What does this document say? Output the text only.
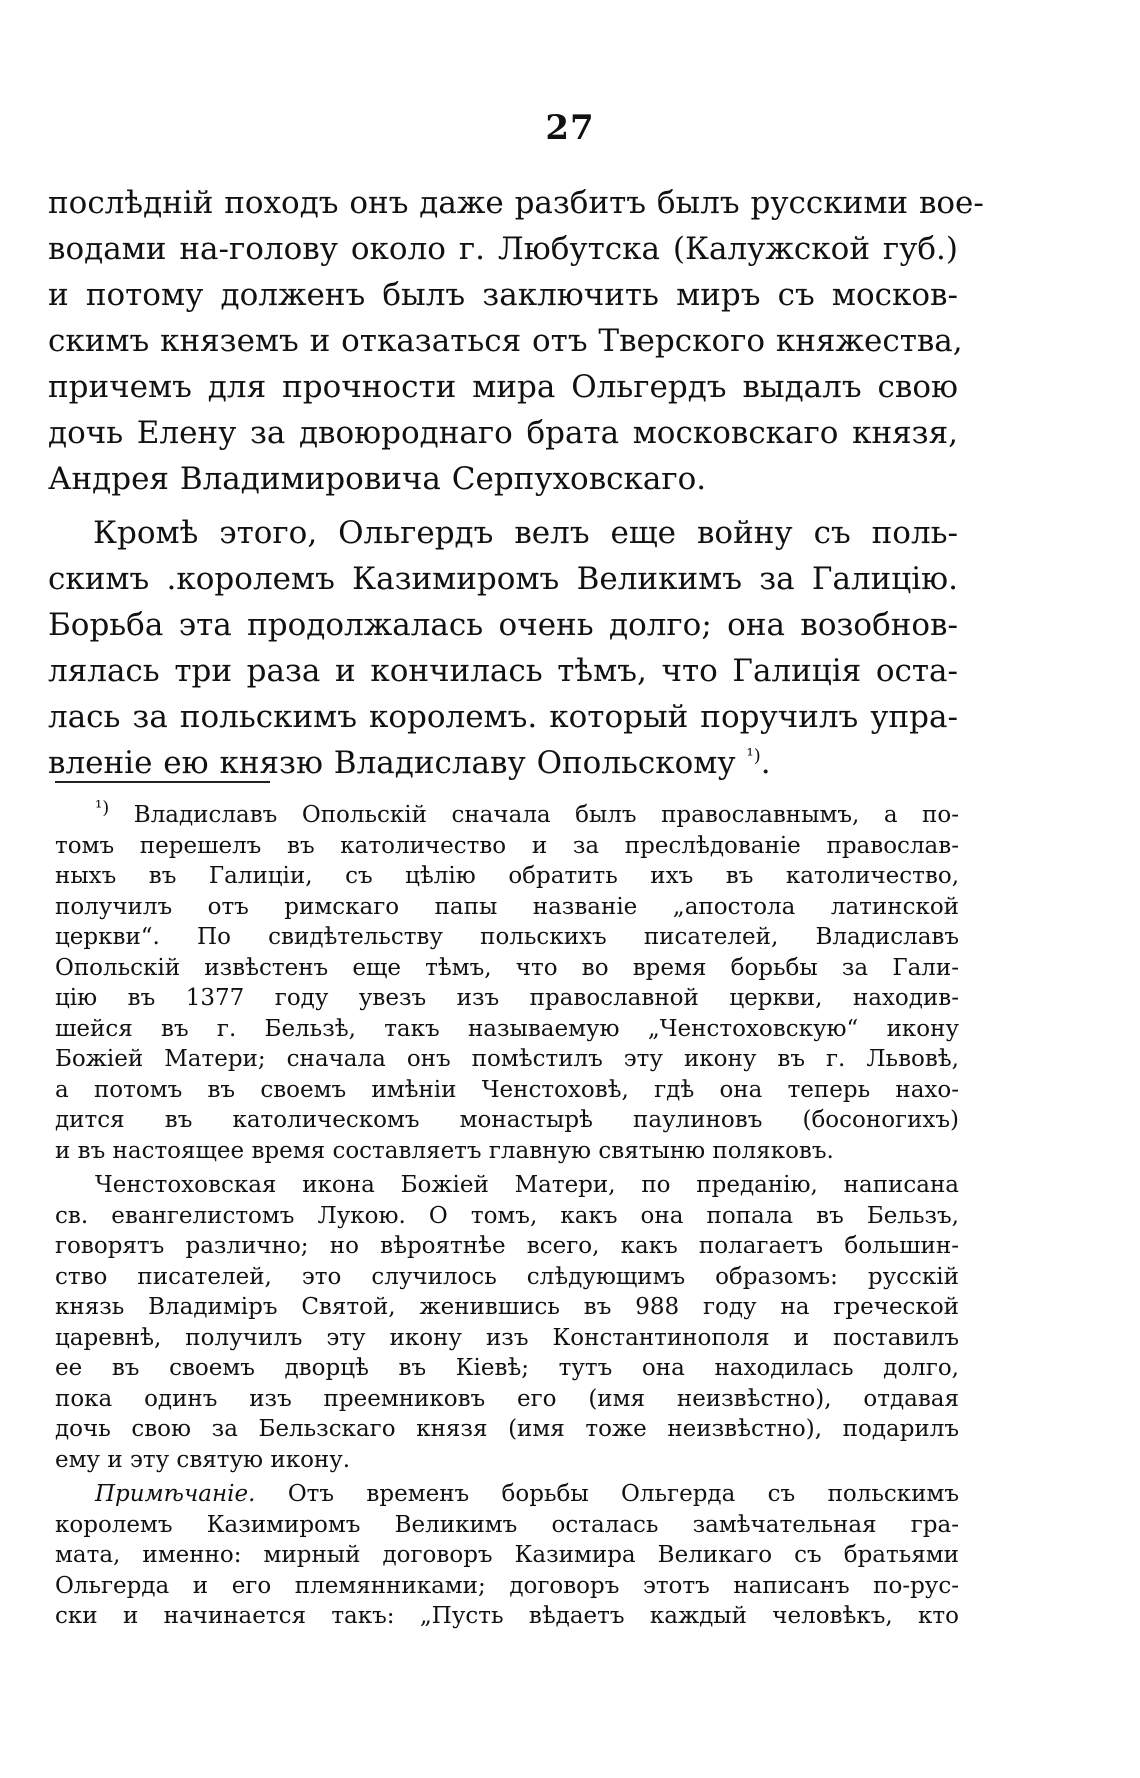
27

послѣдній походъ онъ даже разбитъ былъ русскими вое-
водами на-голову около г. Любутска (Калужской губ.)
и потому долженъ былъ заключить миръ съ москов-
скимъ княземъ и отказаться отъ Тверского княжества,
причемъ для прочности мира Ольгердъ выдалъ свою
дочь Елену за двоюроднаго брата московскаго князя,
Андрея Владимировича Серпуховскаго.

Кромѣ этого, Ольгердъ велъ еще войну съ поль-
скимъ .королемъ Казимиромъ Великимъ за Галицію.
Борьба эта продолжалась очень долго; она возобнов-
лялась три раза и кончилась тѣмъ, что Галиція оста-
лась за польскимъ королемъ. который поручилъ упра-
вленіе ею князю Владиславу Опольскому $^{^1)}$.

$^{^1)}$ Владиславъ Опольскій сначала былъ православнымъ, а по-
томъ перешелъ въ католичество и за преслѣдованіе православ-
ныхъ въ Галиціи, съ цѣлію обратить ихъ въ католичество,
получилъ отъ римскаго папы названіе „апостола латинской
церкви“. По свидѣтельству польскихъ писателей, Владиславъ
Опольскій извѣстенъ еще тѣмъ, что во время борьбы за Гали-
цію въ 1377 году увезъ изъ православной церкви, находив-
шейся въ г. Бельзѣ, такъ называемую „Ченстоховскую“ икону
Божіей Матери; сначала онъ помѣстилъ эту икону въ г. Львовѣ,
а потомъ въ своемъ имѣніи Ченстоховѣ, гдѣ она теперь нахо-
дится въ католическомъ монастырѣ паулиновъ (босоногихъ)
и въ настоящее время составляетъ главную святыню поляковъ.
Ченстоховская икона Божіей Матери, по преданію, написана
св. евангелистомъ Лукою. О томъ, какъ она попала въ Бельзъ,
говорятъ различно; но вѣроятнѣе всего, какъ полагаетъ большин-
ство писателей, это случилось слѣдующимъ образомъ: русскій
князь Владиміръ Святой, женившись въ 988 году на греческой
царевнѣ, получилъ эту икону изъ Константинополя и поставилъ
ее въ своемъ дворцѣ въ Кіевѣ; тутъ она находилась долго,
пока одинъ изъ преемниковъ его (имя неизвѣстно), отдавая
дочь свою за Бельзскаго князя (имя тоже неизвѣстно), подарилъ
ему и эту святую икону.
Примѣчаніе. Отъ временъ борьбы Ольгерда съ польскимъ
королемъ Казимиромъ Великимъ осталась замѣчательная гра-
мата, именно: мирный договоръ Казимира Великаго съ братьями
Ольгерда и его племянниками; договоръ этотъ написанъ по-рус-
ски и начинается такъ: „Пусть вѣдаетъ каждый человѣкъ, кто
